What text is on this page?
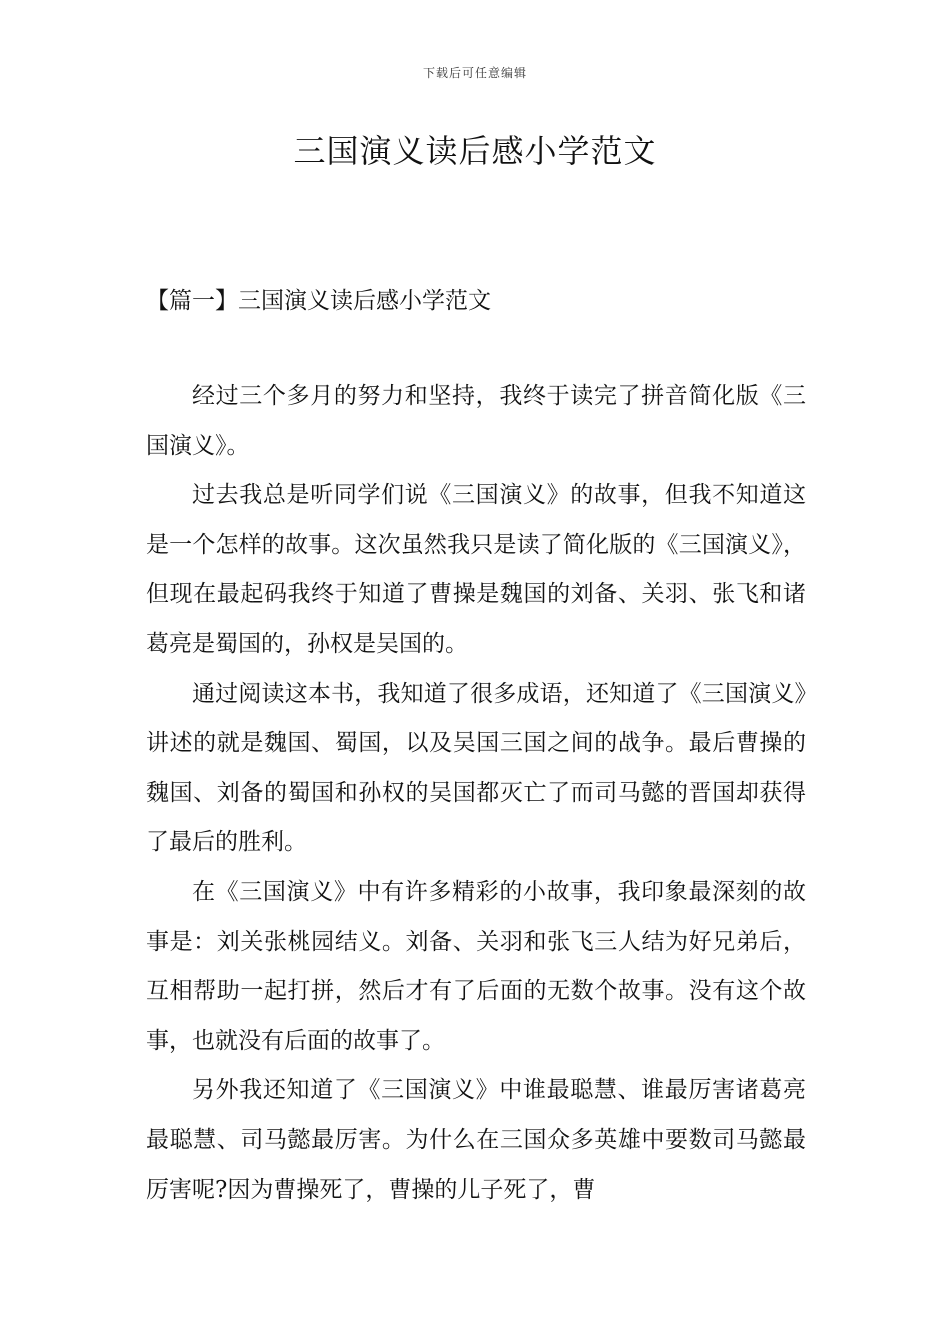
下载后可任意编辑
三国演义读后感小学范文
【篇一】三国演义读后感小学范文

经过三个多月的努力和坚持，我终于读完了拼音简化版《三国演义》。

过去我总是听同学们说《三国演义》的故事，但我不知道这是一个怎样的故事。这次虽然我只是读了简化版的《三国演义》，但现在最起码我终于知道了曹操是魏国的刘备、关羽、张飞和诸葛亮是蜀国的，孙权是吴国的。

通过阅读这本书，我知道了很多成语，还知道了《三国演义》讲述的就是魏国、蜀国，以及吴国三国之间的战争。最后曹操的魏国、刘备的蜀国和孙权的吴国都灭亡了而司马懿的晋国却获得了最后的胜利。

在《三国演义》中有许多精彩的小故事，我印象最深刻的故事是：刘关张桃园结义。刘备、关羽和张飞三人结为好兄弟后，互相帮助一起打拼，然后才有了后面的无数个故事。没有这个故事，也就没有后面的故事了。

另外我还知道了《三国演义》中谁最聪慧、谁最厉害诸葛亮最聪慧、司马懿最厉害。为什么在三国众多英雄中要数司马懿最厉害呢?因为曹操死了，曹操的儿子死了，曹
